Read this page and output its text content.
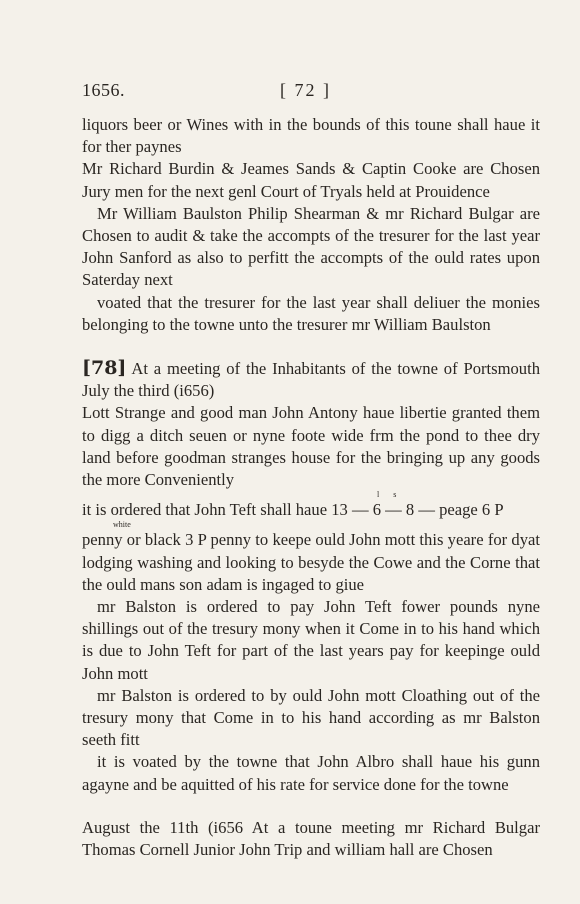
1656.	[ 72 ]

liquors beer or Wines with in the bounds of this toune shall haue it for ther paynes

Mr Richard Burdin & Jeames Sands & Captin Cooke are Chosen Jury men for the next genl Court of Tryals held at Prouidence

Mr William Baulston Philip Shearman & mr Richard Bulgar are Chosen to audit & take the accompts of the tresurer for the last year John Sanford as also to perfitt the accompts of the ould rates upon Saterday next

voated that the tresurer for the last year shall deliuer the monies belonging to the towne unto the tresurer mr William Baulston

[78] At a meeting of the Inhabitants of the towne of Portsmouth July the third (i656)

Lott Strange and good man John Antony haue libertie granted them to digg a ditch seuen or nyne foote wide frm the pond to thee dry land before goodman stranges house for the bringing up any goods the more Conveniently

l s

it is ordered that John Teft shall haue 13 — 6 — 8 — peage 6 P

white

penny or black 3 P penny to keepe ould John mott this yeare for dyat lodging washing and looking to besyde the Cowe and the Corne that the ould mans son adam is ingaged to giue

mr Balston is ordered to pay John Teft fower pounds nyne shillings out of the tresury mony when it Come in to his hand which is due to John Teft for part of the last years pay for keepinge ould John mott

mr Balston is ordered to by ould John mott Cloathing out of the tresury mony that Come in to his hand according as mr Balston seeth fitt

it is voated by the towne that John Albro shall haue his gunn agayne and be aquitted of his rate for service done for the towne

August the 11th (i656 At a toune meeting mr Richard Bulgar Thomas Cornell Junior John Trip and william hall are Chosen
